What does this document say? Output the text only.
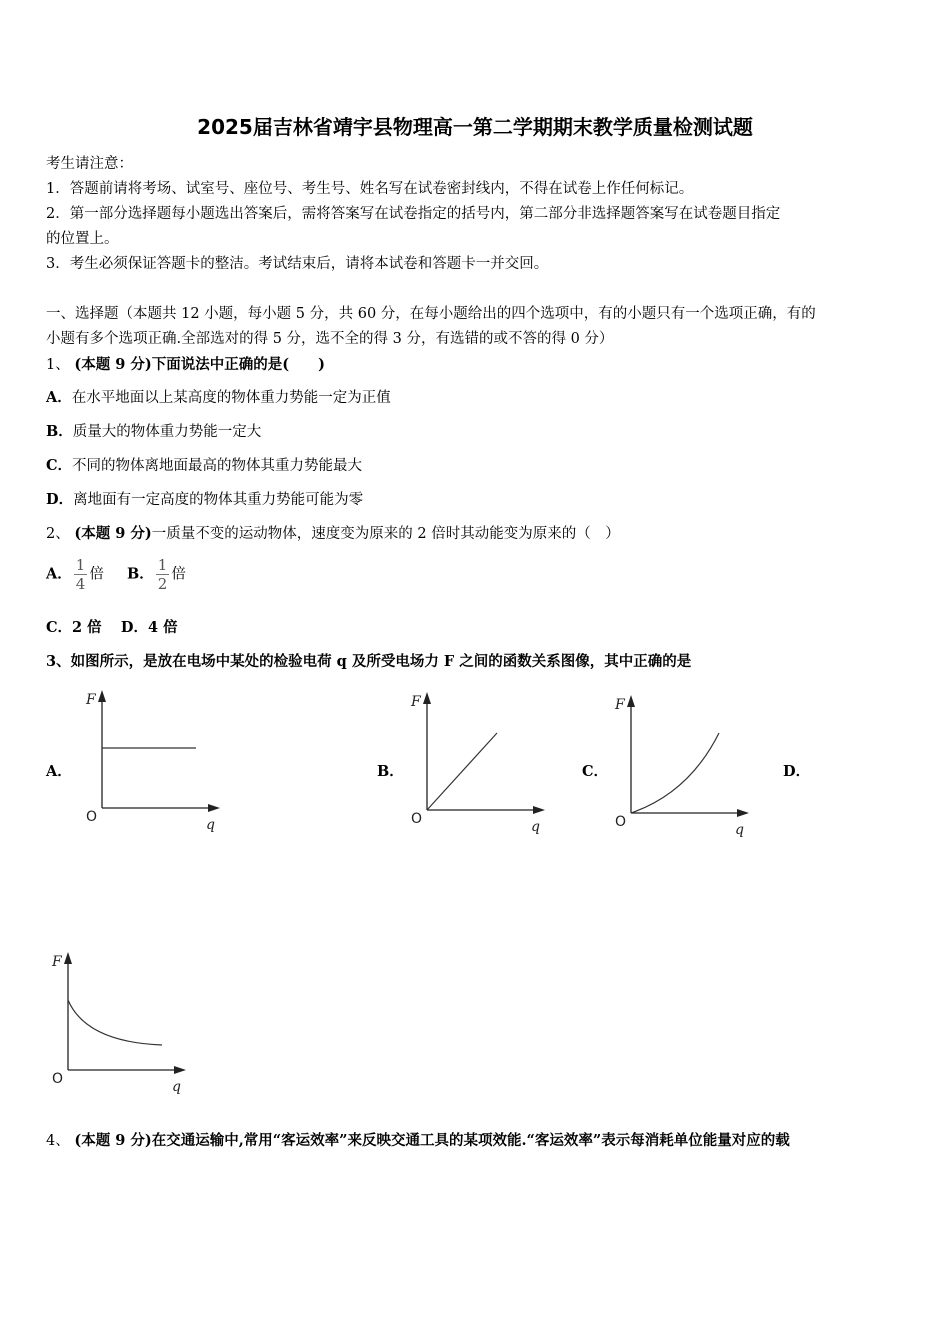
2025届吉林省靖宇县物理高一第二学期期末教学质量检测试题
考生请注意：
1．答题前请将考场、试室号、座位号、考生号、姓名写在试卷密封线内，不得在试卷上作任何标记。
2．第一部分选择题每小题选出答案后，需将答案写在试卷指定的括号内，第二部分非选择题答案写在试卷题目指定
的位置上。
3．考生必须保证答题卡的整洁。考试结束后，请将本试卷和答题卡一并交回。
一、选择题（本题共 12 小题，每小题 5 分，共 60 分，在每小题给出的四个选项中，有的小题只有一个选项正确，有的
小题有多个选项正确.全部选对的得 5 分，选不全的得 3 分，有选错的或不答的得 0 分）
1、 (本题 9 分)下面说法中正确的是(　　)
A．在水平地面以上某高度的物体重力势能一定为正值
B．质量大的物体重力势能一定大
C．不同的物体离地面最高的物体其重力势能最大
D．离地面有一定高度的物体其重力势能可能为零
2、 (本题 9 分)一质量不变的运动物体，速度变为原来的 2 倍时其动能变为原来的（　）
A． $\frac{1}{4}$ 倍 B． $\frac{1}{2}$ 倍
C．2 倍 D．4 倍
3、如图所示，是放在电场中某处的检验电荷 q 及所受电场力 F 之间的函数关系图像，其中正确的是
A．	B．	C．	D．
F
O	q
F
O	q
F
O	q
F
O	q
4、 (本题 9 分)在交通运输中,常用“客运效率”来反映交通工具的某项效能.“客运效率”表示每消耗单位能量对应的载
